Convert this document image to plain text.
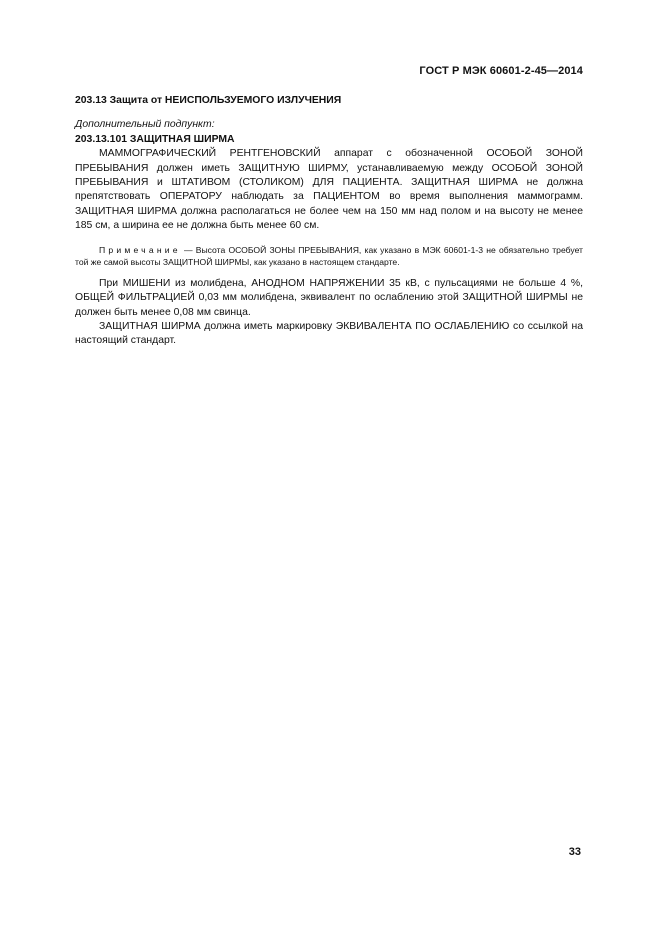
ГОСТ Р МЭК 60601-2-45—2014

203.13 Защита от НЕИСПОЛЬЗУЕМОГО ИЗЛУЧЕНИЯ

Дополнительный подпункт:

203.13.101 ЗАЩИТНАЯ ШИРМА

МАММОГРАФИЧЕСКИЙ РЕНТГЕНОВСКИЙ аппарат с обозначенной ОСОБОЙ ЗОНОЙ ПРЕБЫВАНИЯ должен иметь ЗАЩИТНУЮ ШИРМУ, устанавливаемую между ОСОБОЙ ЗОНОЙ ПРЕБЫВАНИЯ и ШТАТИВОМ (СТОЛИКОМ) ДЛЯ ПАЦИЕНТА. ЗАЩИТНАЯ ШИРМА не должна препятствовать ОПЕРАТОРУ наблюдать за ПАЦИЕНТОМ во время выполнения маммограмм. ЗАЩИТНАЯ ШИРМА должна располагаться не более чем на 150 мм над полом и на высоту не менее 185 см, а ширина ее не должна быть менее 60 см.

Примечание — Высота ОСОБОЙ ЗОНЫ ПРЕБЫВАНИЯ, как указано в МЭК 60601-1-3 не обязательно требует той же самой высоты ЗАЩИТНОЙ ШИРМЫ, как указано в настоящем стандарте.

При МИШЕНИ из молибдена, АНОДНОМ НАПРЯЖЕНИИ 35 кВ, с пульсациями не больше 4 %, ОБЩЕЙ ФИЛЬТРАЦИЕЙ 0,03 мм молибдена, эквивалент по ослаблению этой ЗАЩИТНОЙ ШИРМЫ не должен быть менее 0,08 мм свинца.

ЗАЩИТНАЯ ШИРМА должна иметь маркировку ЭКВИВАЛЕНТА ПО ОСЛАБЛЕНИЮ со ссылкой на настоящий стандарт.

33
